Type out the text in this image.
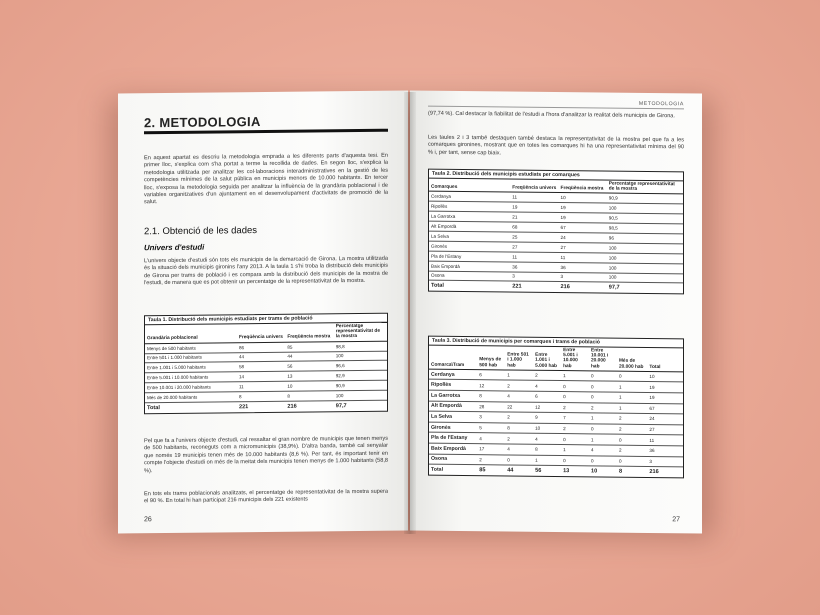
2. METODOLOGIA

En aquest apartat es descriu la metodologia emprada a les diferents parts d'aquesta tesi. En primer lloc, s'explica com s'ha portat a terme la recollida de dades. En segon lloc, s'explica la metodologia utilitzada per analitzar les col·laboracions interadministratives en la gestió de les competències mínimes de la salut pública en municipis menors de 10.000 habitants. En tercer lloc, s'exposa la metodologia seguida per analitzar la influència de la grandària poblacional i de variables organitzatives d'un ajuntament en el desenvolupament d'activitats de promoció de la salut.

2.1. Obtenció de les dades
Univers d'estudi

L'univers objecte d'estudi són tots els municipis de la demarcació de Girona. La mostra utilitzada és la situació dels municipis gironins l'any 2013. A la taula 1 s'hi troba la distribució dels municipis de Girona per trams de població i es compara amb la distribució dels municipis de la mostra de l'estudi, de manera que es pot obtenir un percentatge de la representativitat de la mostra.

Taula 1. Distribució dels municipis estudiats per trams de població
Grandària poblacional	Freqüència univers	Freqüència mostra	Percentatge representativitat de la mostra
Menys de 500 habitants	86	85	98,8
Entre 501 i 1.000 habitants	44	44	100
Entre 1.001 i 5.000 habitants	58	56	96,6
Entre 5.001 i 10.000 habitants	14	13	92,9
Entre 10.001 i 20.000 habitants	11	10	90,9
Més de 20.000 habitants	8	8	100
Total	221	216	97,7

Pel que fa a l'univers objecte d'estudi, cal ressaltar el gran nombre de municipis que tenen menys de 500 habitants, reconeguts com a micromunicipis (38,9%). D'altra banda, també cal senyalar que només 19 municipis tenen més de 10.000 habitants (8,6 %). Per tant, és important tenir en compte l'objecte d'estudi on més de la meitat dels municipis tenen menys de 1.000 habitants (58,8 %).

En tots els trams poblacionals analitzats, el percentatge de representativitat de la mostra supera el 90 %. En total hi han participat 216 municipis dels 221 existents

26
METODOLOGIA

(97,74 %). Cal destacar la fiabilitat de l'estudi a l'hora d'analitzar la realitat dels municipis de Girona.

Les taules 2 i 3 també destaquen també destaca la representativitat de la mostra pel que fa a les comarques gironines, mostrant que en totes les comarques hi ha una representativitat mínima del 90 % i, per tant, sense cap biaix.

Taula 2. Distribució dels municipis estudiats per comarques
Comarques	Freqüència univers	Freqüència mostra	Percentatge representativitat de la mostra
Cerdanya	11	10	90,9
Ripollès	19	19	100
La Garrotxa	21	19	90,5
Alt Empordà	68	67	98,5
La Selva	25	24	96
Gironès	27	27	100
Pla de l'Estany	11	11	100
Baix Empordà	36	36	100
Osona	3	3	100
Total	221	216	97,7
Taula 3. Distribució de municipis per comarques i trams de població
Comarca\Tram	Menys de 500 hab	Entre 501 i 1.000 hab	Entre 1.001 i 5.000 hab	Entre 5.001 i 10.000 hab	Entre 10.001 i 20.000 hab	Més de 20.000 hab	Total
Cerdanya	6	1	2	1	0	0	10
Ripollès	12	2	4	0	0	1	19
La Garrotxa	8	4	6	0	0	1	19
Alt Empordà	28	22	12	2	2	1	67
La Selva	3	2	9	7	1	2	24
Gironès	5	8	10	2	0	2	27
Pla de l'Estany	4	2	4	0	1	0	11
Baix Empordà	17	4	8	1	4	2	36
Osona	2	0	1	0	0	0	3
Total	85	44	56	13	10	8	216
27
